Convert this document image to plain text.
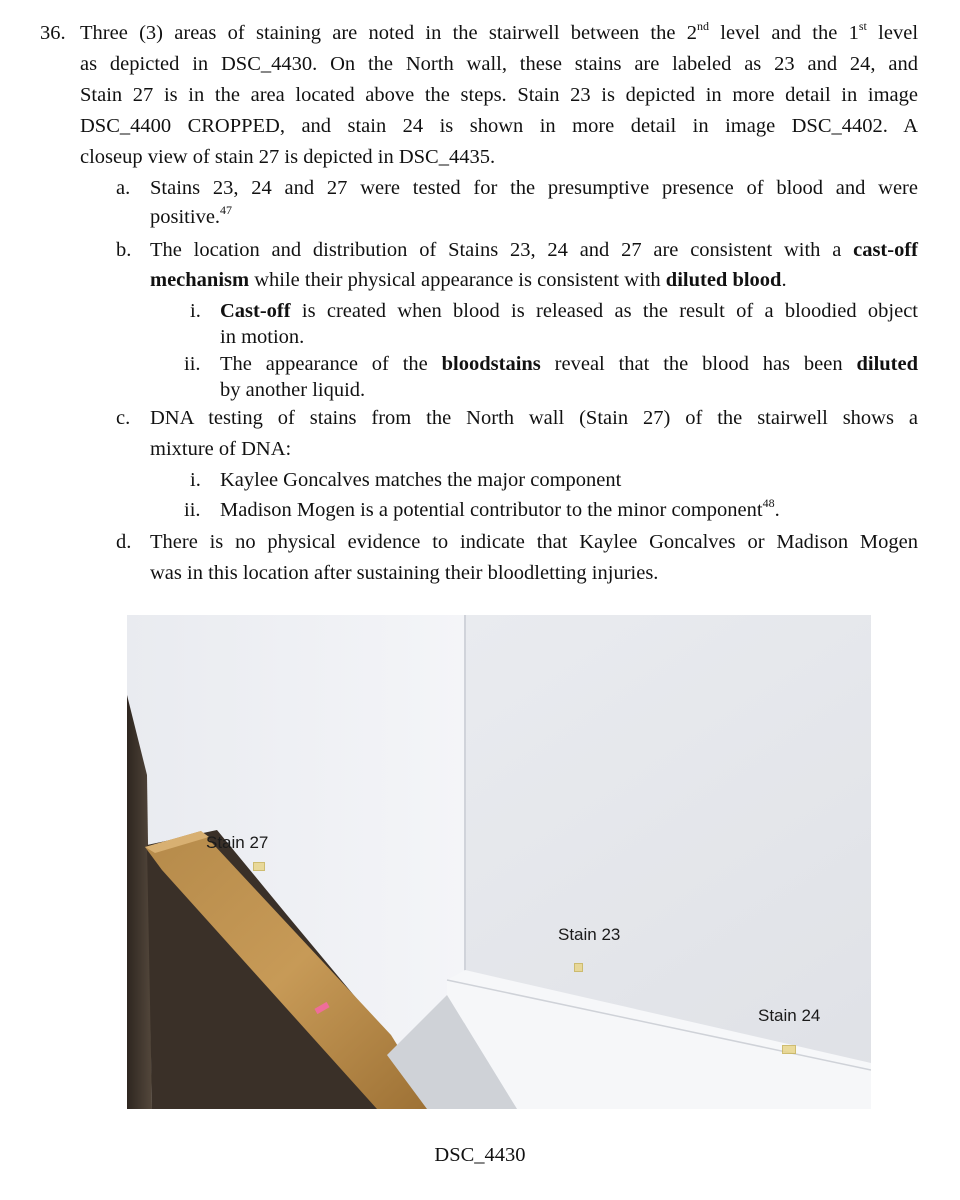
36. Three (3) areas of staining are noted in the stairwell between the 2nd level and the 1st level
as depicted in DSC_4430. On the North wall, these stains are labeled as 23 and 24, and
Stain 27 is in the area located above the steps. Stain 23 is depicted in more detail in image
DSC_4400 CROPPED, and stain 24 is shown in more detail in image DSC_4402. A
closeup view of stain 27 is depicted in DSC_4435.
a. Stains 23, 24 and 27 were tested for the presumptive presence of blood and were
positive.$^{47}$
b. The location and distribution of Stains 23, 24 and 27 are consistent with a cast-off
mechanism while their physical appearance is consistent with diluted blood.
i. Cast-off is created when blood is released as the result of a bloodied object
in motion.
ii. The appearance of the bloodstains reveal that the blood has been diluted
by another liquid.
c. DNA testing of stains from the North wall (Stain 27) of the stairwell shows a
mixture of DNA:
i. Kaylee Goncalves matches the major component
ii. Madison Mogen is a potential contributor to the minor component$^{48}$.
d. There is no physical evidence to indicate that Kaylee Goncalves or Madison Mogen
was in this location after sustaining their bloodletting injuries.
Stain 27
Stain 23
Stain 24
DSC_4430
